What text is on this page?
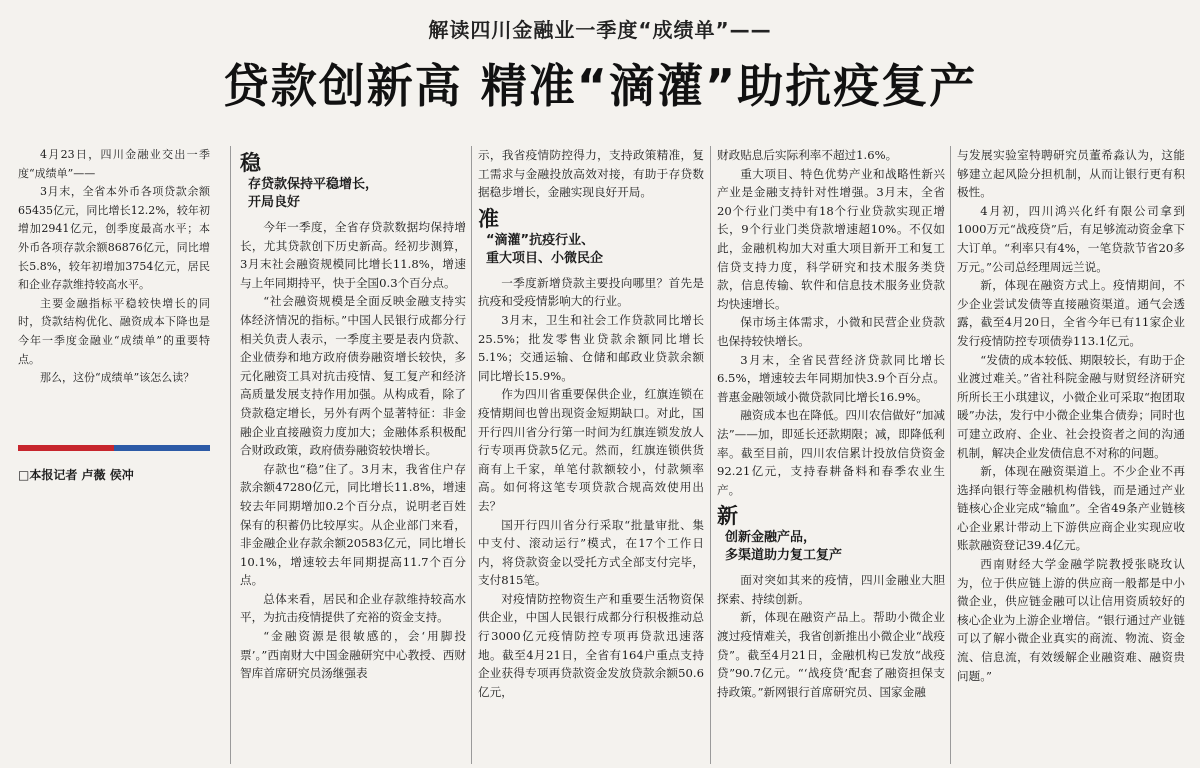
解读四川金融业一季度“成绩单”——
贷款创新高 精准“滴灌”助抗疫复产

4月23日，四川金融业交出一季度“成绩单”——

3月末，全省本外币各项贷款余额65435亿元，同比增长12.2%，较年初增加2941亿元，创季度最高水平；本外币各项存款余额86876亿元，同比增长5.8%，较年初增加3754亿元，居民和企业存款维持较高水平。

主要金融指标平稳较快增长的同时，贷款结构优化、融资成本下降也是今年一季度金融业“成绩单”的重要特点。

那么，这份“成绩单”该怎么读？

□本报记者 卢薇 侯冲
稳
存贷款保持平稳增长，
开局良好

今年一季度，全省存贷款数据均保持增长，尤其贷款创下历史新高。经初步测算，3月末社会融资规模同比增长11.8%，增速与上年同期持平，快于全国0.3个百分点。

“社会融资规模是全面反映金融支持实体经济情况的指标。”中国人民银行成都分行相关负责人表示，一季度主要是表内贷款、企业债券和地方政府债券融资增长较快，多元化融资工具对抗击疫情、复工复产和经济高质量发展支持作用加强。从构成看，除了贷款稳定增长，另外有两个显著特征：非金融企业直接融资力度加大；金融体系积极配合财政政策，政府债券融资较快增长。

存款也“稳”住了。3月末，我省住户存款余额47280亿元，同比增长11.8%，增速较去年同期增加0.2个百分点，说明老百姓保有的积蓄仍比较厚实。从企业部门来看，非金融企业存款余额20583亿元，同比增长10.1%，增速较去年同期提高11.7个百分点。

总体来看，居民和企业存款维持较高水平，为抗击疫情提供了充裕的资金支持。

“金融资源是很敏感的，会‘用脚投票’。”西南财大中国金融研究中心教授、西财智库首席研究员汤继强表

示，我省疫情防控得力，支持政策精准，复工需求与金融投放高效对接，有助于存贷数据稳步增长，金融实现良好开局。

准
“滴灌”抗疫行业、
重大项目、小微民企

一季度新增贷款主要投向哪里？首先是抗疫和受疫情影响大的行业。

3月末，卫生和社会工作贷款同比增长25.5%；批发零售业贷款余额同比增长5.1%；交通运输、仓储和邮政业贷款余额同比增长15.9%。

作为四川省重要保供企业，红旗连锁在疫情期间也曾出现资金短期缺口。对此，国开行四川省分行第一时间为红旗连锁发放人行专项再贷款5亿元。然而，红旗连锁供货商有上千家，单笔付款额较小，付款频率高。如何将这笔专项贷款合规高效使用出去？

国开行四川省分行采取“批量审批、集中支付、滚动运行”模式，在17个工作日内，将贷款资金以受托方式全部支付完毕，支付815笔。

对疫情防控物资生产和重要生活物资保供企业，中国人民银行成都分行积极推动总行3000亿元疫情防控专项再贷款迅速落地。截至4月21日，全省有164户重点支持企业获得专项再贷款资金发放贷款余额50.6亿元，

财政贴息后实际利率不超过1.6%。

重大项目、特色优势产业和战略性新兴产业是金融支持针对性增强。3月末，全省20个行业门类中有18个行业贷款实现正增长，9个行业门类贷款增速超10%。不仅如此，金融机构加大对重大项目新开工和复工信贷支持力度，科学研究和技术服务类贷款，信息传输、软件和信息技术服务业贷款均快速增长。

保市场主体需求，小微和民营企业贷款也保持较快增长。

3月末，全省民营经济贷款同比增长6.5%，增速较去年同期加快3.9个百分点。普惠金融领域小微贷款同比增长16.9%。

融资成本也在降低。四川农信做好“加减法”——加，即延长还款期限；减，即降低利率。截至目前，四川农信累计投放信贷资金92.21亿元，支持春耕备料和春季农业生产。

新
创新金融产品，
多渠道助力复工复产

面对突如其来的疫情，四川金融业大胆探索、持续创新。

新，体现在融资产品上。帮助小微企业渡过疫情难关，我省创新推出小微企业“战疫贷”。截至4月21日，金融机构已发放“战疫贷”90.7亿元。“‘战疫贷’配套了融资担保支持政策。”新网银行首席研究员、国家金融

与发展实验室特聘研究员董希淼认为，这能够建立起风险分担机制，从而让银行更有积极性。

4月初，四川鸿兴化纤有限公司拿到1000万元“战疫贷”后，有足够流动资金拿下大订单。“利率只有4%，一笔贷款节省20多万元。”公司总经理周远兰说。

新，体现在融资方式上。疫情期间，不少企业尝试发债等直接融资渠道。通气会透露，截至4月20日，全省今年已有11家企业发行疫情防控专项债券113.1亿元。

“发债的成本较低、期限较长，有助于企业渡过难关。”省社科院金融与财贸经济研究所所长王小琪建议，小微企业可采取“抱团取暖”办法，发行中小微企业集合债券；同时也可建立政府、企业、社会投资者之间的沟通机制，解决企业发债信息不对称的问题。

新，体现在融资渠道上。不少企业不再选择向银行等金融机构借钱，而是通过产业链核心企业完成“输血”。全省49条产业链核心企业累计带动上下游供应商企业实现应收账款融资登记39.4亿元。

西南财经大学金融学院教授张晓玫认为，位于供应链上游的供应商一般都是中小微企业，供应链金融可以让信用资质较好的核心企业为上游企业增信。“银行通过产业链可以了解小微企业真实的商流、物流、资金流、信息流，有效缓解企业融资难、融资贵问题。”
